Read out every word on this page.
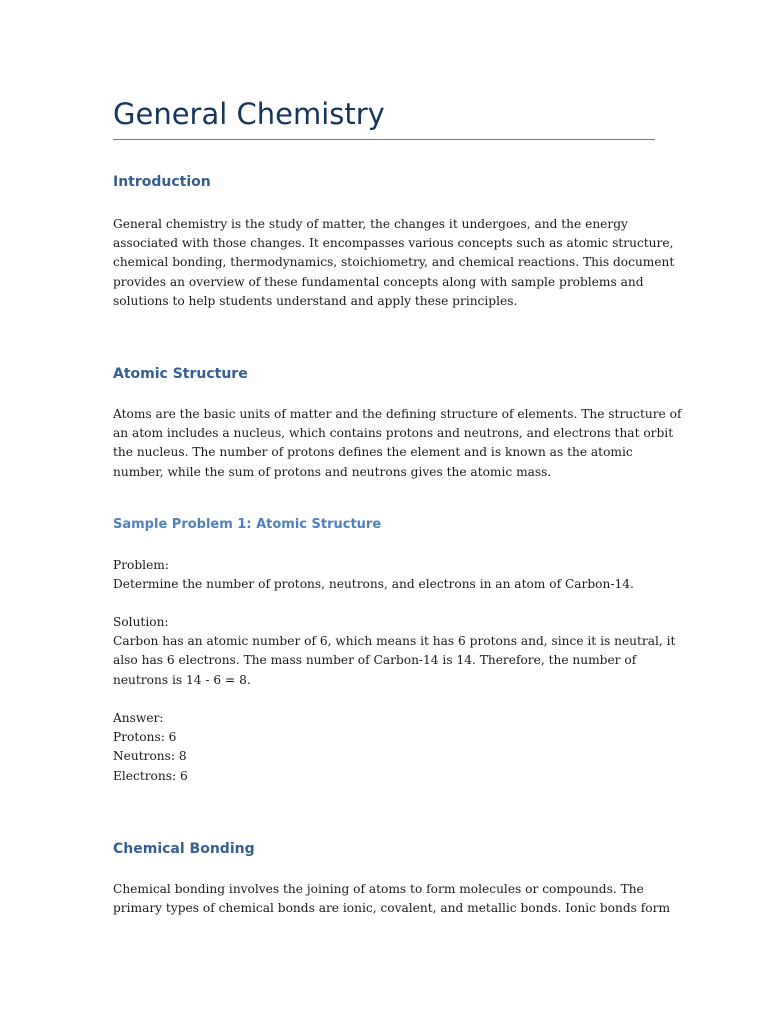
General Chemistry
Introduction
General chemistry is the study of matter, the changes it undergoes, and the energy
associated with those changes. It encompasses various concepts such as atomic structure,
chemical bonding, thermodynamics, stoichiometry, and chemical reactions. This document
provides an overview of these fundamental concepts along with sample problems and
solutions to help students understand and apply these principles.
Atomic Structure
Atoms are the basic units of matter and the defining structure of elements. The structure of
an atom includes a nucleus, which contains protons and neutrons, and electrons that orbit
the nucleus. The number of protons defines the element and is known as the atomic
number, while the sum of protons and neutrons gives the atomic mass.
Sample Problem 1: Atomic Structure
Problem:
Determine the number of protons, neutrons, and electrons in an atom of Carbon-14.
Solution:
Carbon has an atomic number of 6, which means it has 6 protons and, since it is neutral, it
also has 6 electrons. The mass number of Carbon-14 is 14. Therefore, the number of
neutrons is 14 - 6 = 8.
Answer:
Protons: 6
Neutrons: 8
Electrons: 6
Chemical Bonding
Chemical bonding involves the joining of atoms to form molecules or compounds. The
primary types of chemical bonds are ionic, covalent, and metallic bonds. Ionic bonds form
